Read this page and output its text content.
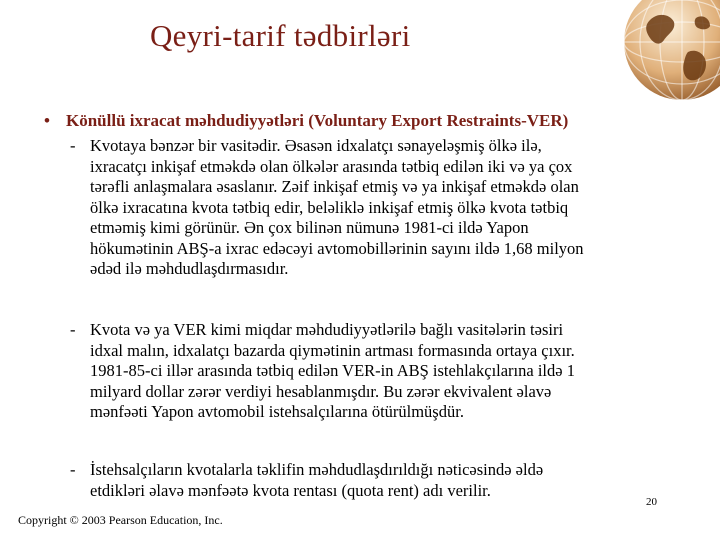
Qeyri-tarif tədbirləri
• Könüllü ixracat məhdudiyyətləri (Voluntary Export Restraints-VER)
- Kvotaya bənzər bir vasitədir. Əsasən idxalatçı sənayeləşmiş ölkə ilə,
ixracatçı inkişaf etməkdə olan ölkələr arasında tətbiq edilən iki və ya çox
tərəfli anlaşmalara əsaslanır. Zəif inkişaf etmiş və ya inkişaf etməkdə olan
ölkə ixracatına kvota tətbiq edir, beləliklə inkişaf etmiş ölkə kvota tətbiq
etməmiş kimi görünür. Ən çox bilinən nümunə 1981-ci ildə Yapon
hökumətinin ABŞ-a ixrac edəcəyi avtomobillərinin sayını ildə 1,68 milyon
ədəd ilə məhdudlaşdırmasıdır.
- Kvota və ya VER kimi miqdar məhdudiyyətlərilə bağlı vasitələrin təsiri
idxal malın, idxalatçı bazarda qiymətinin artması formasında ortaya çıxır.
1981-85-ci illər arasında tətbiq edilən VER-in ABŞ istehlakçılarına ildə 1
milyard dollar zərər verdiyi hesablanmışdır. Bu zərər ekvivalent əlavə
mənfəəti Yapon avtomobil istehsalçılarına ötürülmüşdür.
- İstehsalçıların kvotalarla təklifin məhdudlaşdırıldığı nəticəsində əldə
etdikləri əlavə mənfəətə kvota rentası (quota rent) adı verilir.
20
Copyright © 2003 Pearson Education, Inc.
